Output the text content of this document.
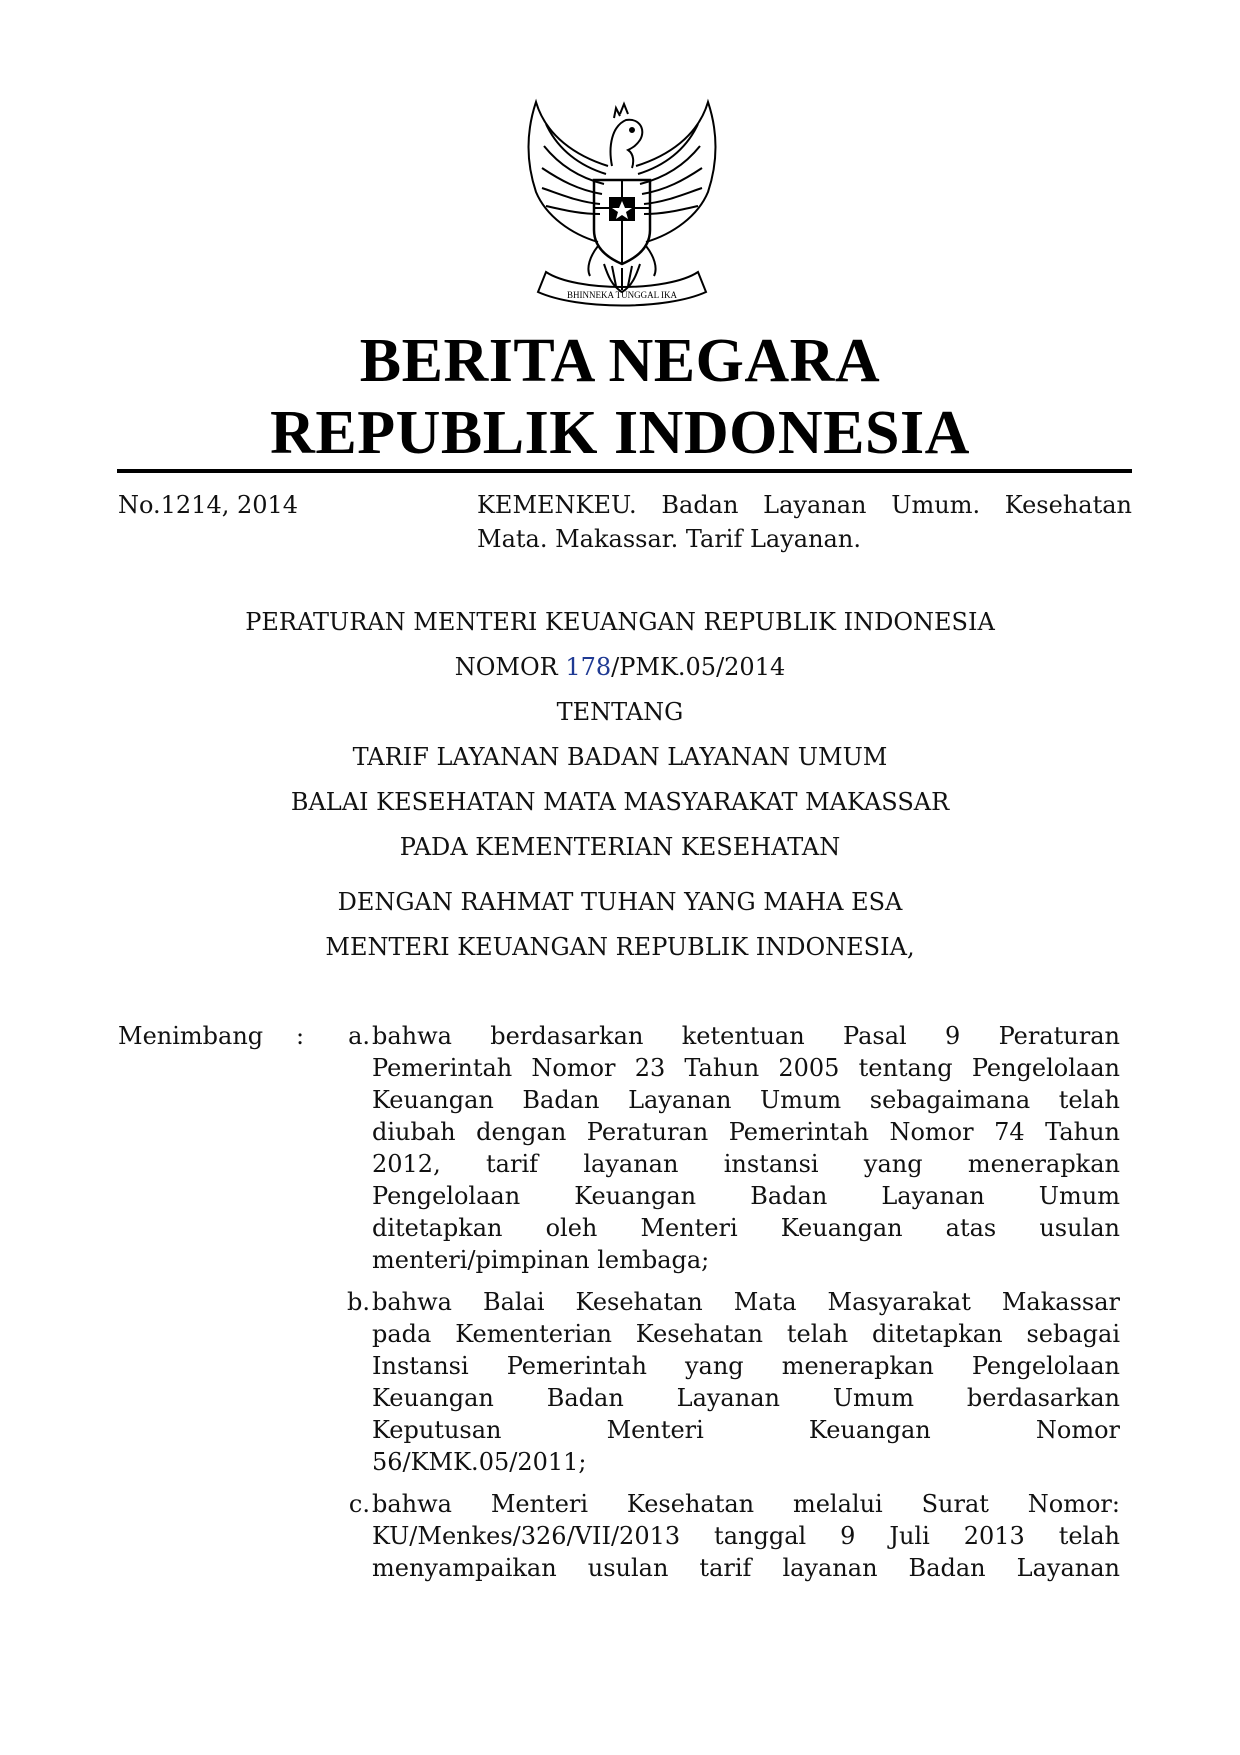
BHINNEKA TUNGGAL IKA
BERITA NEGARA
REPUBLIK INDONESIA
No.1214, 2014	KEMENKEU. Badan Layanan Umum. Kesehatan
Mata. Makassar. Tarif Layanan.
PERATURAN MENTERI KEUANGAN REPUBLIK INDONESIA
NOMOR 178/PMK.05/2014
TENTANG
TARIF LAYANAN BADAN LAYANAN UMUM
BALAI KESEHATAN MATA MASYARAKAT MAKASSAR
PADA KEMENTERIAN KESEHATAN
DENGAN RAHMAT TUHAN YANG MAHA ESA
MENTERI KEUANGAN REPUBLIK INDONESIA,
Menimbang :	a. bahwa berdasarkan ketentuan Pasal 9 Peraturan
Pemerintah Nomor 23 Tahun 2005 tentang Pengelolaan
Keuangan Badan Layanan Umum sebagaimana telah
diubah dengan Peraturan Pemerintah Nomor 74 Tahun
2012, tarif layanan instansi yang menerapkan
Pengelolaan Keuangan Badan Layanan Umum
ditetapkan oleh Menteri Keuangan atas usulan
menteri/pimpinan lembaga;
b. bahwa Balai Kesehatan Mata Masyarakat Makassar
pada Kementerian Kesehatan telah ditetapkan sebagai
Instansi Pemerintah yang menerapkan Pengelolaan
Keuangan Badan Layanan Umum berdasarkan
Keputusan Menteri Keuangan Nomor
56/KMK.05/2011;
c. bahwa Menteri Kesehatan melalui Surat Nomor:
KU/Menkes/326/VII/2013 tanggal 9 Juli 2013 telah
menyampaikan usulan tarif layanan Badan Layanan
